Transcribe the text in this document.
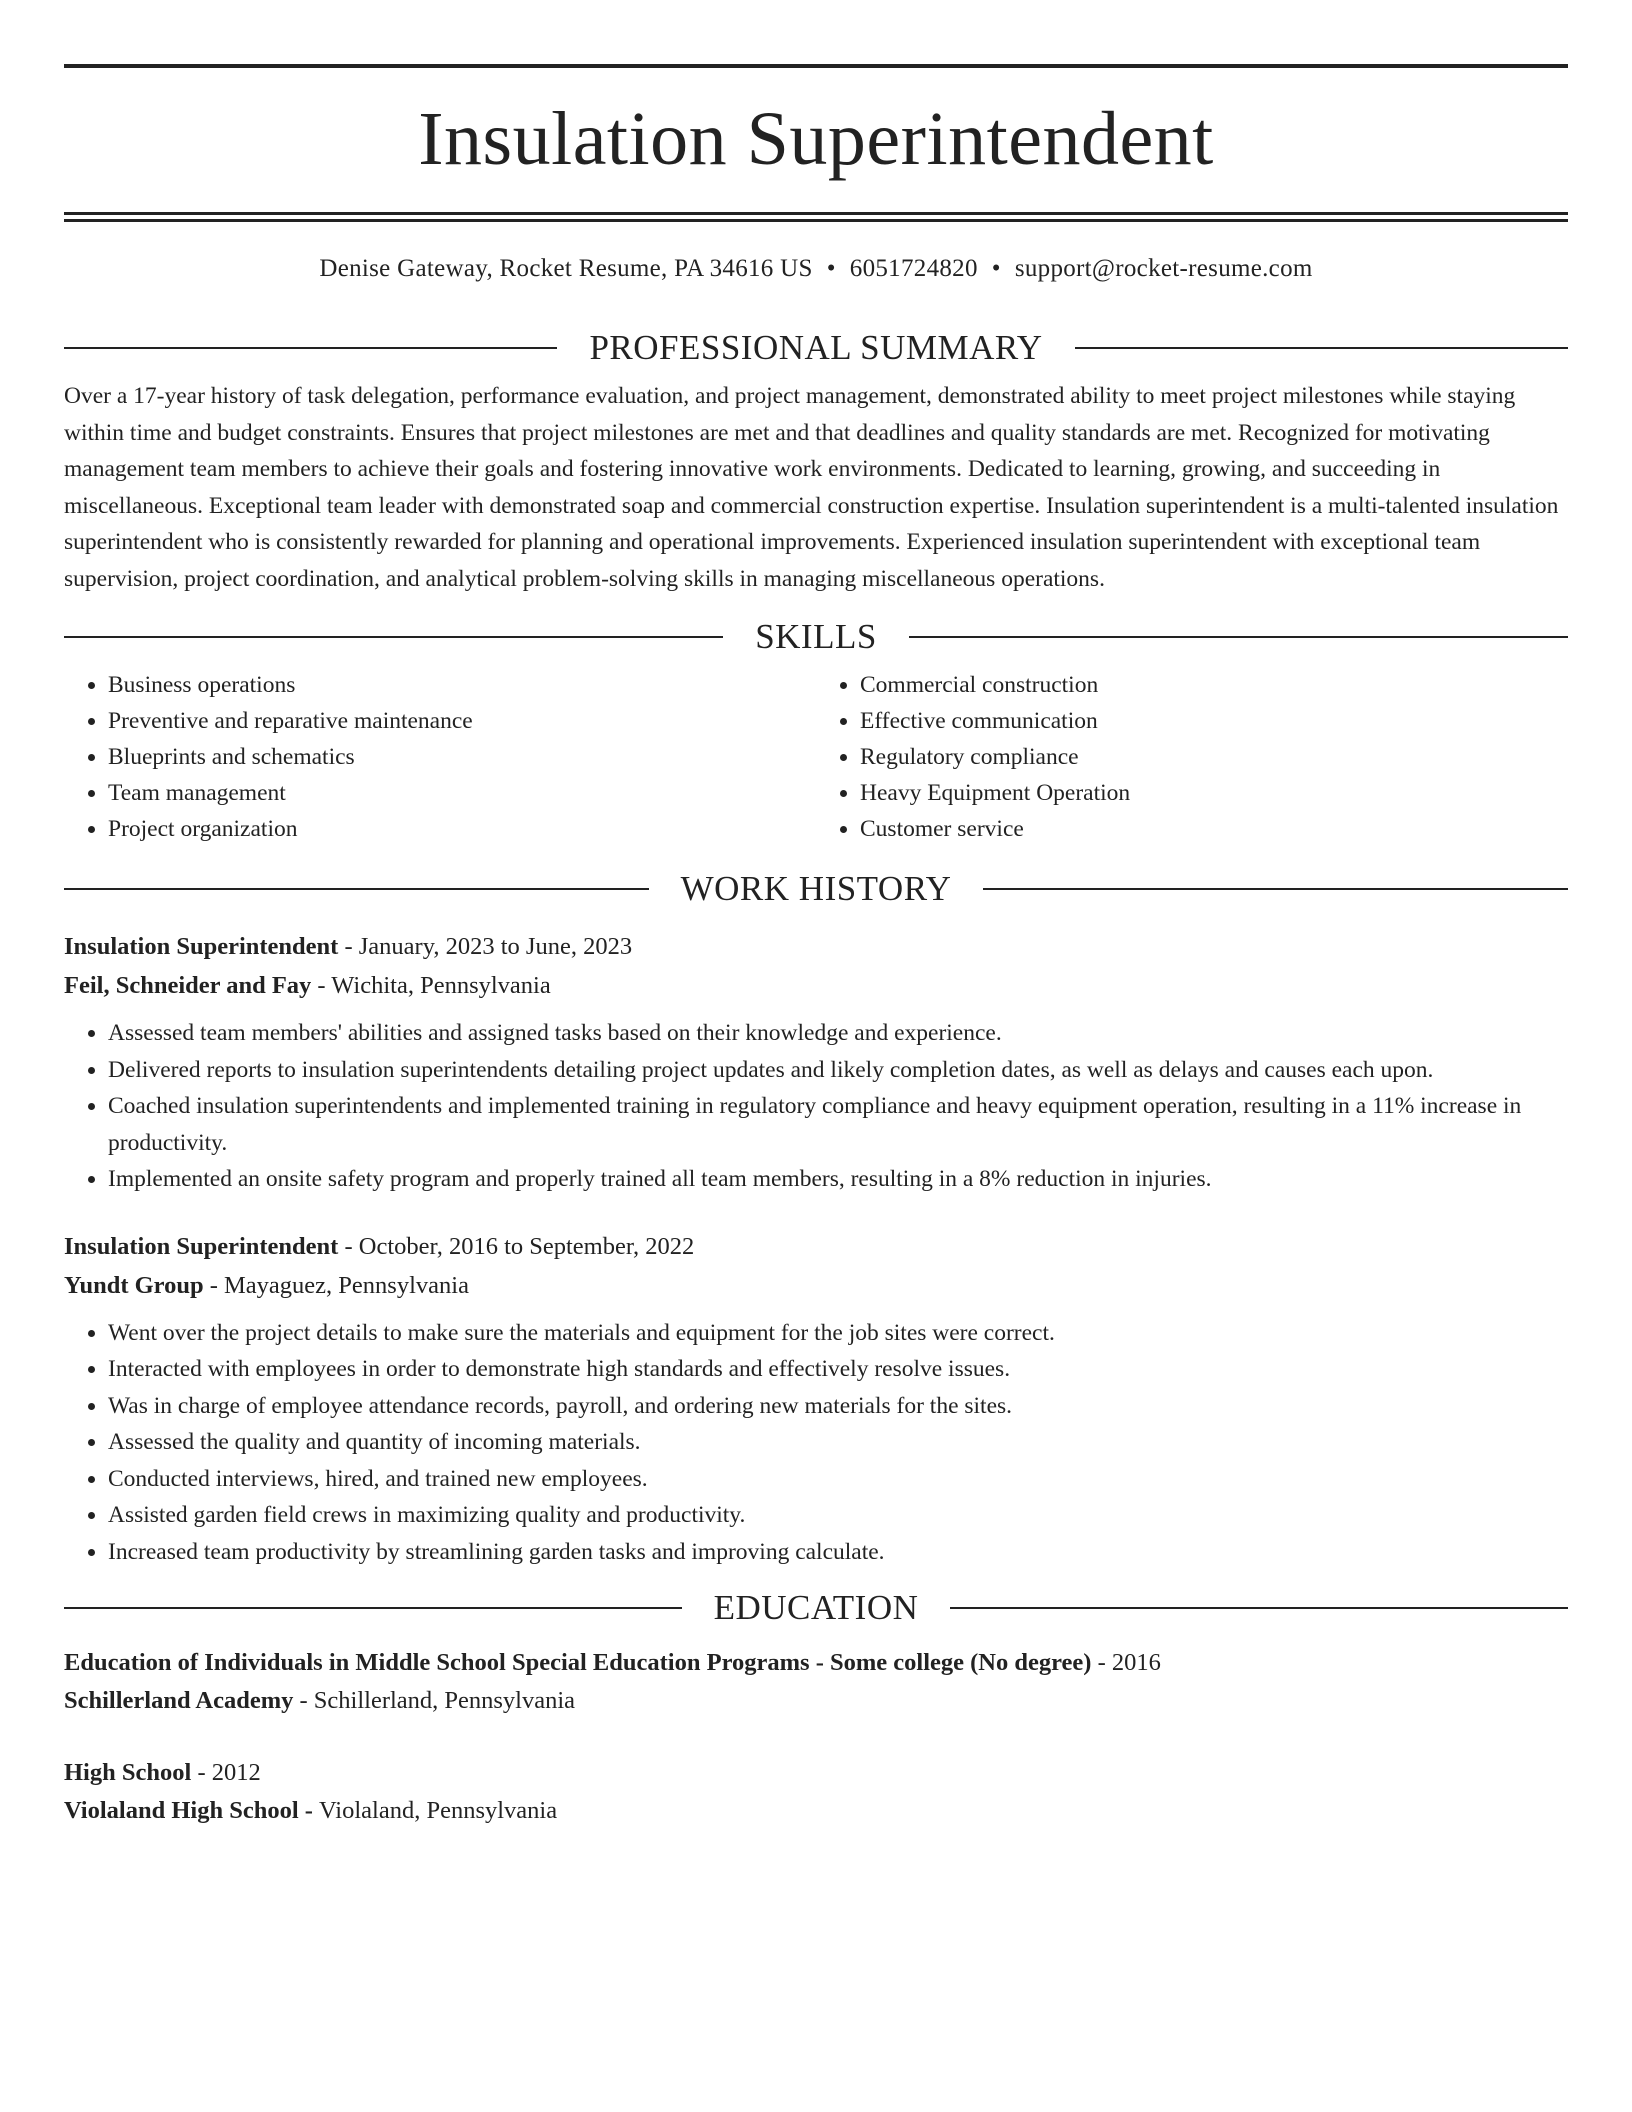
Insulation Superintendent
Denise Gateway, Rocket Resume, PA 34616 US • 6051724820 • support@rocket-resume.com
PROFESSIONAL SUMMARY
Over a 17-year history of task delegation, performance evaluation, and project management, demonstrated ability to meet project milestones while staying within time and budget constraints. Ensures that project milestones are met and that deadlines and quality standards are met. Recognized for motivating management team members to achieve their goals and fostering innovative work environments. Dedicated to learning, growing, and succeeding in miscellaneous. Exceptional team leader with demonstrated soap and commercial construction expertise. Insulation superintendent is a multi-talented insulation superintendent who is consistently rewarded for planning and operational improvements. Experienced insulation superintendent with exceptional team supervision, project coordination, and analytical problem-solving skills in managing miscellaneous operations.
SKILLS
• Business operations
• Preventive and reparative maintenance
• Blueprints and schematics
• Team management
• Project organization
• Commercial construction
• Effective communication
• Regulatory compliance
• Heavy Equipment Operation
• Customer service
WORK HISTORY
Insulation Superintendent - January, 2023 to June, 2023
Feil, Schneider and Fay - Wichita, Pennsylvania
• Assessed team members' abilities and assigned tasks based on their knowledge and experience.
• Delivered reports to insulation superintendents detailing project updates and likely completion dates, as well as delays and causes each upon.
• Coached insulation superintendents and implemented training in regulatory compliance and heavy equipment operation, resulting in a 11% increase in productivity.
• Implemented an onsite safety program and properly trained all team members, resulting in a 8% reduction in injuries.
Insulation Superintendent - October, 2016 to September, 2022
Yundt Group - Mayaguez, Pennsylvania
• Went over the project details to make sure the materials and equipment for the job sites were correct.
• Interacted with employees in order to demonstrate high standards and effectively resolve issues.
• Was in charge of employee attendance records, payroll, and ordering new materials for the sites.
• Assessed the quality and quantity of incoming materials.
• Conducted interviews, hired, and trained new employees.
• Assisted garden field crews in maximizing quality and productivity.
• Increased team productivity by streamlining garden tasks and improving calculate.
EDUCATION
Education of Individuals in Middle School Special Education Programs - Some college (No degree) - 2016
Schillerland Academy - Schillerland, Pennsylvania
High School - 2012
Violaland High School - Violaland, Pennsylvania
